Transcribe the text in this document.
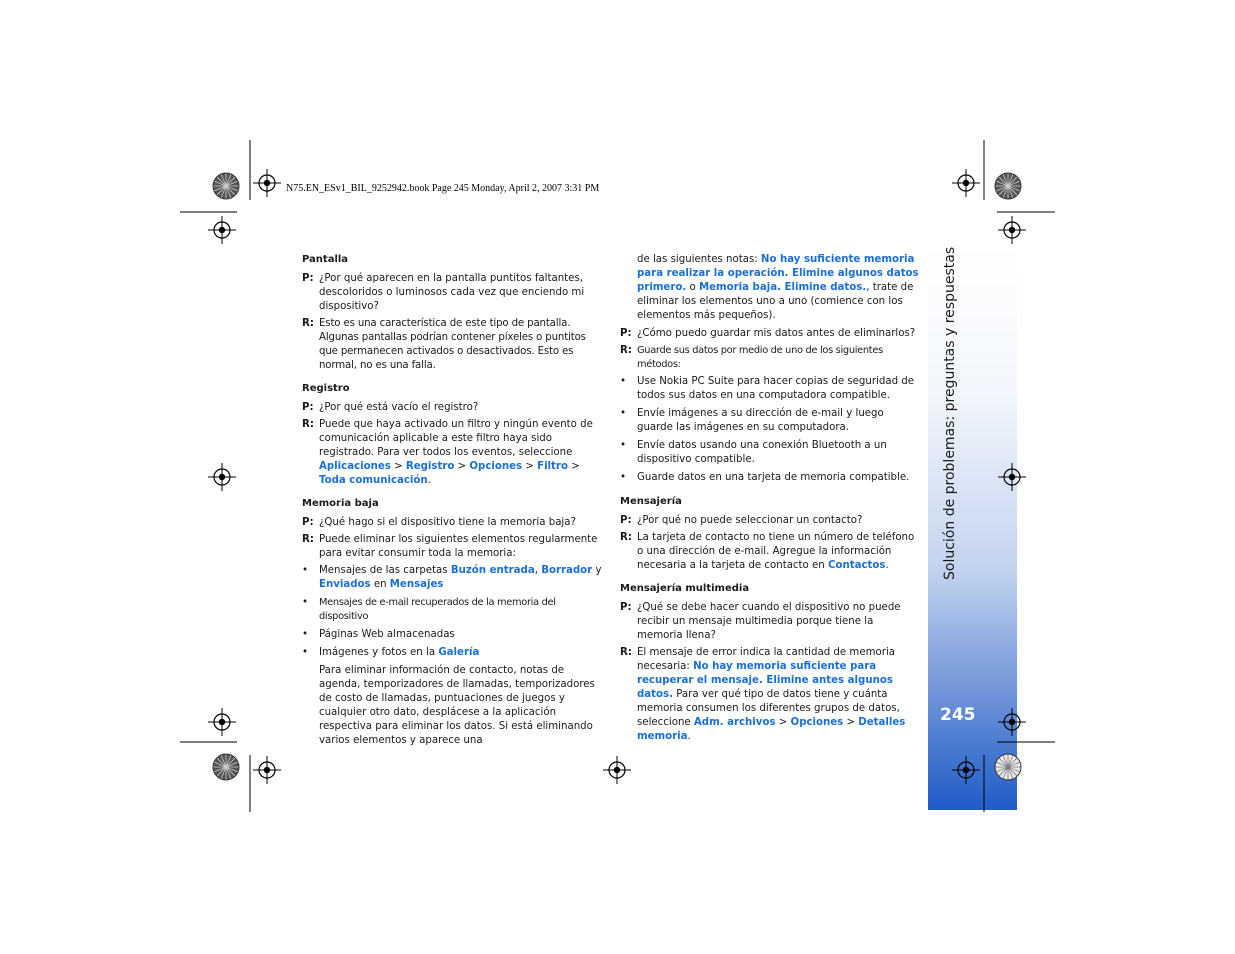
Solución de problemas: preguntas y respuestas
245
N75.EN_ESv1_BIL_9252942.book Page 245 Monday, April 2, 2007 3:31 PM
Pantalla
P: ¿Por qué aparecen en la pantalla puntitos faltantes, descoloridos o luminosos cada vez que enciendo mi dispositivo?
R: Esto es una característica de este tipo de pantalla. Algunas pantallas podrían contener píxeles o puntitos que permanecen activados o desactivados. Esto es normal, no es una falla.
Registro
P: ¿Por qué está vacío el registro?
R: Puede que haya activado un filtro y ningún evento de comunicación aplicable a este filtro haya sido registrado. Para ver todos los eventos, seleccione Aplicaciones > Registro > Opciones > Filtro > Toda comunicación.
Memoria baja
P: ¿Qué hago si el dispositivo tiene la memoria baja?
R: Puede eliminar los siguientes elementos regularmente para evitar consumir toda la memoria:
•	Mensajes de las carpetas Buzón entrada, Borrador y Enviados en Mensajes
•	Mensajes de e-mail recuperados de la memoria del dispositivo
•	Páginas Web almacenadas
•	Imágenes y fotos en la Galería
Para eliminar información de contacto, notas de agenda, temporizadores de llamadas, temporizadores de costo de llamadas, puntuaciones de juegos y cualquier otro dato, desplácese a la aplicación respectiva para eliminar los datos. Si está eliminando varios elementos y aparece una
de las siguientes notas: No hay suficiente memoria para realizar la operación. Elimine algunos datos primero. o Memoria baja. Elimine datos., trate de eliminar los elementos uno a uno (comience con los elementos más pequeños).
P: ¿Cómo puedo guardar mis datos antes de eliminarlos?
R: Guarde sus datos por medio de uno de los siguientes métodos:
•	Use Nokia PC Suite para hacer copias de seguridad de todos sus datos en una computadora compatible.
•	Envíe imágenes a su dirección de e-mail y luego guarde las imágenes en su computadora.
•	Envíe datos usando una conexión Bluetooth a un dispositivo compatible.
•	Guarde datos en una tarjeta de memoria compatible.
Mensajería
P: ¿Por qué no puede seleccionar un contacto?
R: La tarjeta de contacto no tiene un número de teléfono o una dirección de e-mail. Agregue la información necesaria a la tarjeta de contacto en Contactos.
Mensajería multimedia
P: ¿Qué se debe hacer cuando el dispositivo no puede recibir un mensaje multimedia porque tiene la memoria llena?
R: El mensaje de error indica la cantidad de memoria necesaria: No hay memoria suficiente para recuperar el mensaje. Elimine antes algunos datos. Para ver qué tipo de datos tiene y cuánta memoria consumen los diferentes grupos de datos, seleccione Adm. archivos > Opciones > Detalles memoria.
